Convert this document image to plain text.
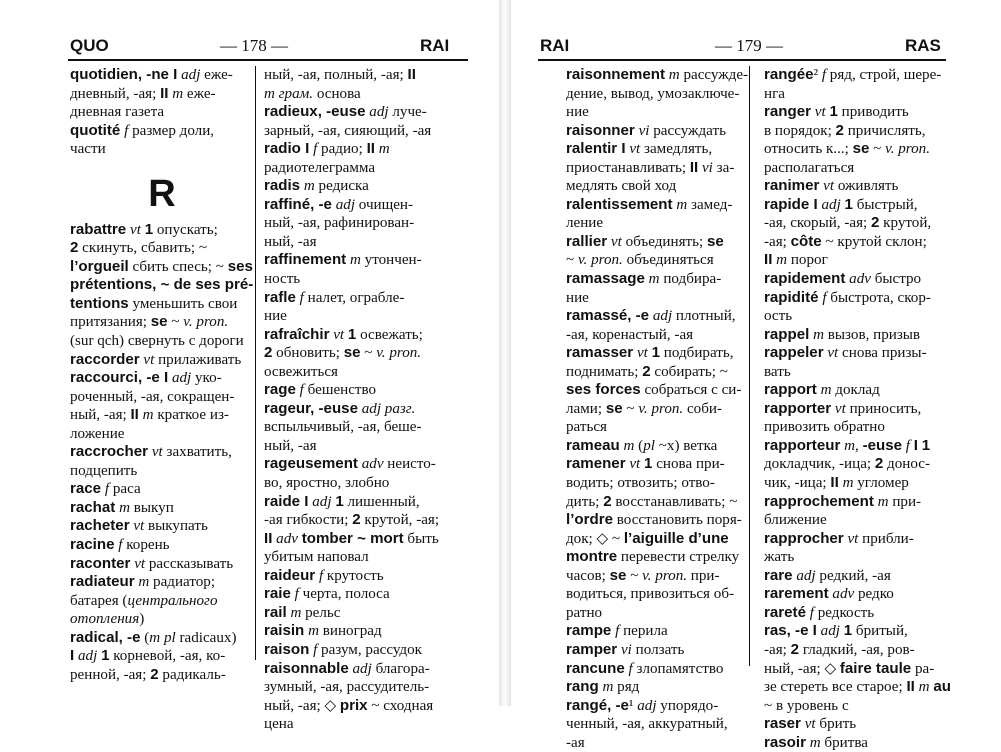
QUO	— 178 —	RAI
quotidien, -ne I adj еже-
дневный, -ая; II m еже-
дневная газета
quotité f размер доли,
части
R
rabattre vt 1 опускать;
2 скинуть, сбавить; ~
l’orgueil сбить спесь; ~ ses
prétentions, ~ de ses pré-
tentions уменьшить свои
притязания; se ~ v. pron.
(sur qch) свернуть с дороги
raccorder vt прилаживать
raccourci, -e I adj уко-
роченный, -ая, сокращен-
ный, -ая; II m краткое из-
ложение
raccrocher vt захватить,
подцепить
race f раса
rachat m выкуп
racheter vt выкупать
racine f корень
raconter vt рассказывать
radiateur m радиатор;
батарея (центрального
отопления)
radical, -e (m pl radicaux)
I adj 1 корневой, -ая, ко-
ренной, -ая; 2 радикаль-
ный, -ая, полный, -ая; II
m грам. основа
radieux, -euse adj луче-
зарный, -ая, сияющий, -ая
radio I f радио; II m
радиотелеграмма
radis m редиска
raffiné, -e adj очищен-
ный, -ая, рафинирован-
ный, -ая
raffinement m утончен-
ность
rafle f налет, ограбле-
ние
rafraîchir vt 1 освежать;
2 обновить; se ~ v. pron.
освежиться
rage f бешенство
rageur, -euse adj разг.
вспыльчивый, -ая, беше-
ный, -ая
rageusement adv неисто-
во, яростно, злобно
raide I adj 1 лишенный,
-ая гибкости; 2 крутой, -ая;
II adv tomber ~ mort быть
убитым наповал
raideur f крутость
raie f черта, полоса
rail m рельс
raisin m виноград
raison f разум, рассудок
raisonnable adj благора-
зумный, -ая, рассудитель-
ный, -ая; ◇ prix ~ сходная
цена
RAI	— 179 —	RAS
raisonnement m рассужде-
дение, вывод, умозаключе-
ние
raisonner vi рассуждать
ralentir I vt замедлять,
приостанавливать; II vi за-
медлять свой ход
ralentissement m замед-
ление
rallier vt объединять; se
~ v. pron. объединяться
ramassage m подбира-
ние
ramassé, -e adj плотный,
-ая, коренастый, -ая
ramasser vt 1 подбирать,
поднимать; 2 собирать; ~
ses forces собраться с си-
лами; se ~ v. pron. соби-
раться
rameau m (pl ~x) ветка
ramener vt 1 снова при-
водить; отвозить; отво-
дить; 2 восстанавливать; ~
l’ordre восстановить поря-
док; ◇ ~ l’aiguille d’une
montre перевести стрелку
часов; se ~ v. pron. при-
водиться, привозиться об-
ратно
rampe f перила
ramper vi ползать
rancune f злопамятство
rang m ряд
rangé, -e¹ adj упорядо-
ченный, -ая, аккуратный,
-ая
rangée² f ряд, строй, шере-
нга
ranger vt 1 приводить
в порядок; 2 причислять,
относить к...; se ~ v. pron.
располагаться
ranimer vt оживлять
rapide I adj 1 быстрый,
-ая, скорый, -ая; 2 крутой,
-ая; côte ~ крутой склон;
II m порог
rapidement adv быстро
rapidité f быстрота, скор-
ость
rappel m вызов, призыв
rappeler vt снова призы-
вать
rapport m доклад
rapporter vt приносить,
привозить обратно
rapporteur m, -euse f I 1
докладчик, -ица; 2 донос-
чик, -ица; II m угломер
rapprochement m при-
ближение
rapprocher vt прибли-
жать
rare adj редкий, -ая
rarement adv редко
rareté f редкость
ras, -e I adj 1 бритый,
-ая; 2 гладкий, -ая, ров-
ный, -ая; ◇ faire taule ра-
зе стереть все старое; II m au
~ в уровень с
raser vt брить
rasoir m бритва
